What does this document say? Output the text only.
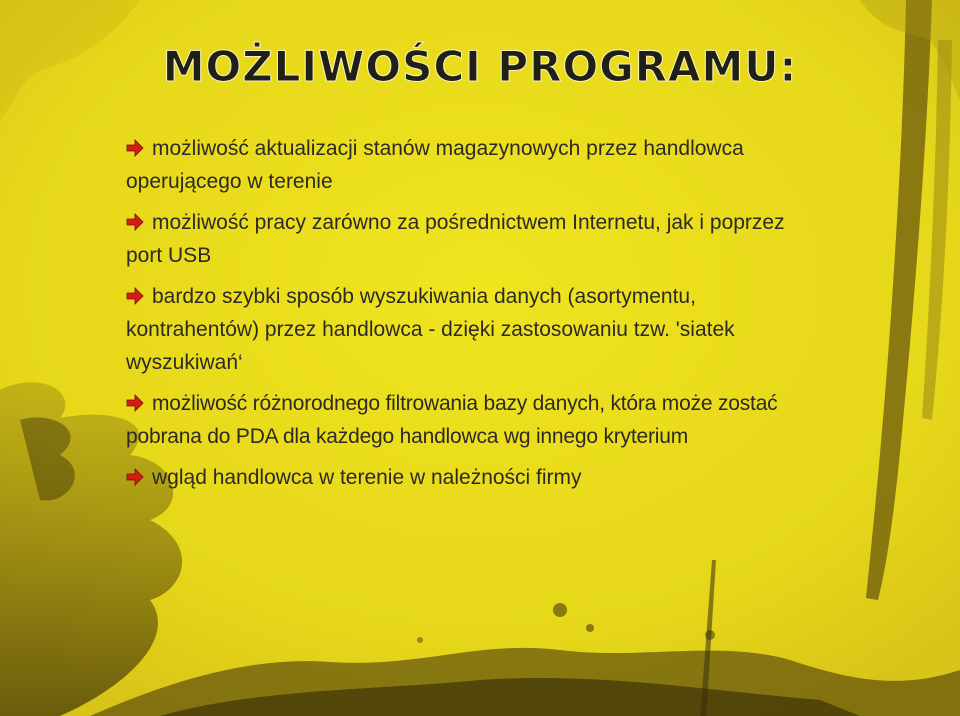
MOŻLIWOŚCI PROGRAMU:
możliwość aktualizacji stanów magazynowych przez handlowca operującego w terenie
możliwość pracy zarówno za pośrednictwem Internetu, jak i poprzez port USB
bardzo szybki sposób wyszukiwania danych (asortymentu, kontrahentów) przez handlowca - dzięki zastosowaniu tzw. 'siatek wyszukiwań‘
możliwość różnorodnego filtrowania bazy danych, która może zostać pobrana do PDA dla każdego handlowca wg innego kryterium
wgląd handlowca w terenie w należności firmy
